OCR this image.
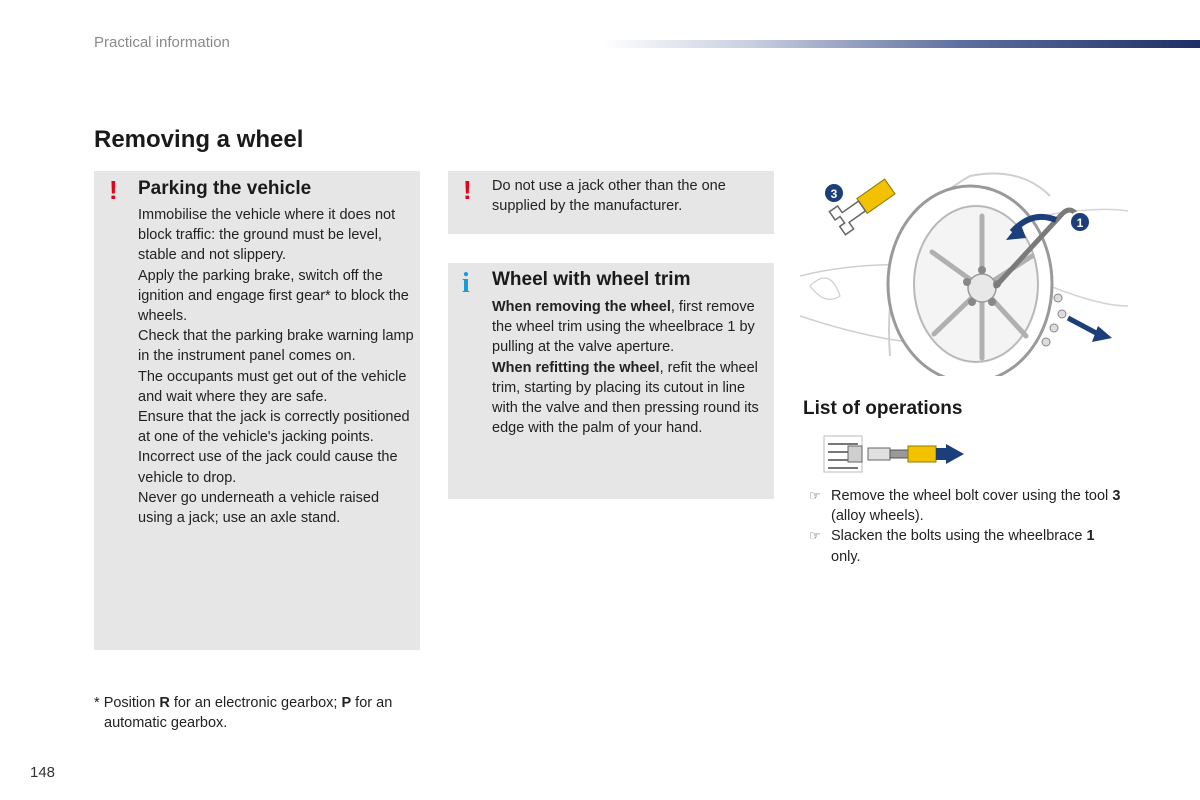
Practical information
Removing a wheel
! Parking the vehicle

Immobilise the vehicle where it does not block traffic: the ground must be level, stable and not slippery.

Apply the parking brake, switch off the ignition and engage first gear* to block the wheels.

Check that the parking brake warning lamp in the instrument panel comes on.

The occupants must get out of the vehicle and wait where they are safe.

Ensure that the jack is correctly positioned at one of the vehicle's jacking points.

Incorrect use of the jack could cause the vehicle to drop.

Never go underneath a vehicle raised using a jack; use an axle stand.

! Do not use a jack other than the one supplied by the manufacturer.
i Wheel with wheel trim

When removing the wheel, first remove the wheel trim using the wheelbrace 1 by pulling at the valve aperture.

When refitting the wheel, refit the wheel trim, starting by placing its cutout in line with the valve and then pressing round its edge with the palm of your hand.

3
1
List of operations
☞ Remove the wheel bolt cover using the tool 3 (alloy wheels).
☞ Slacken the bolts using the wheelbrace 1 only.
* Position R for an electronic gearbox; P for an automatic gearbox.
148
